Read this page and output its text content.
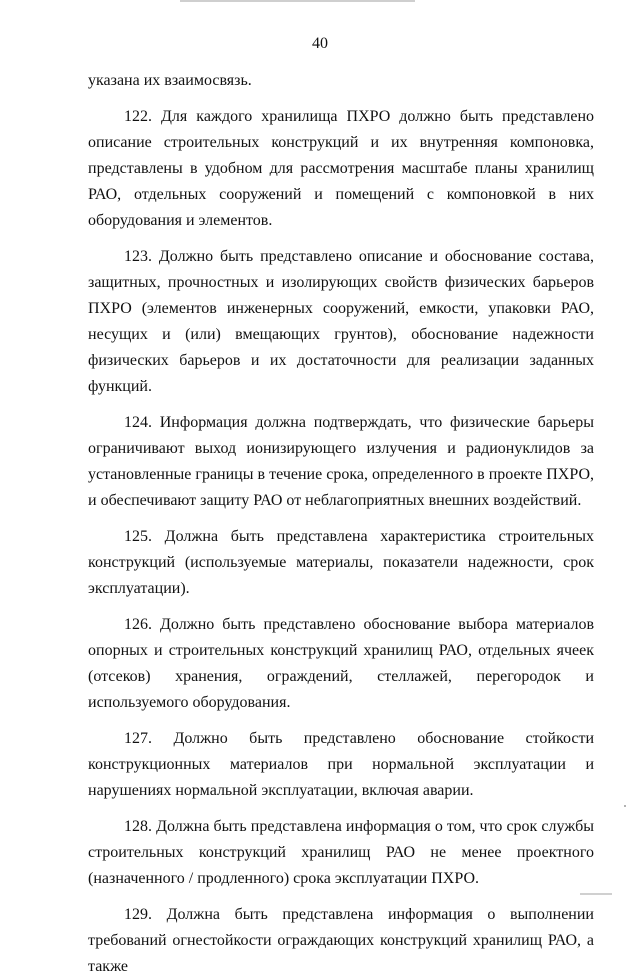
40

указана их взаимосвязь.

122. Для каждого хранилища ПХРО должно быть представлено описание строительных конструкций и их внутренняя компоновка, представлены в удобном для рассмотрения масштабе планы хранилищ РАО, отдельных сооружений и помещений с компоновкой в них оборудования и элементов.

123. Должно быть представлено описание и обоснование состава, защитных, прочностных и изолирующих свойств физических барьеров ПХРО (элементов инженерных сооружений, емкости, упаковки РАО, несущих и (или) вмещающих грунтов), обоснование надежности физических барьеров и их достаточности для реализации заданных функций.

124. Информация должна подтверждать, что физические барьеры ограничивают выход ионизирующего излучения и радионуклидов за установленные границы в течение срока, определенного в проекте ПХРО, и обеспечивают защиту РАО от неблагоприятных внешних воздействий.

125. Должна быть представлена характеристика строительных конструкций (используемые материалы, показатели надежности, срок эксплуатации).

126. Должно быть представлено обоснование выбора материалов опорных и строительных конструкций хранилищ РАО, отдельных ячеек (отсеков) хранения, ограждений, стеллажей, перегородок и используемого оборудования.

127. Должно быть представлено обоснование стойкости конструкционных материалов при нормальной эксплуатации и нарушениях нормальной эксплуатации, включая аварии.

128. Должна быть представлена информация о том, что срок службы строительных конструкций хранилищ РАО не менее проектного (назначенного / продленного) срока эксплуатации ПХРО.

129. Должна быть представлена информация о выполнении требований огнестойкости ограждающих конструкций хранилищ РАО, а также
